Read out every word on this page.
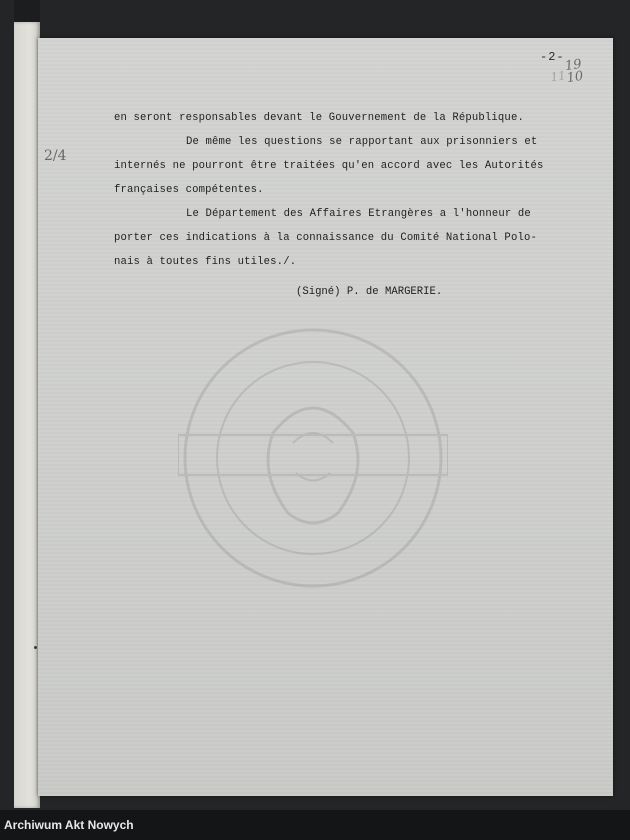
-2-
11
19
10
2/4
en seront responsables devant le Gouvernement de la République.
De même les questions se rapportant aux prisonniers et
internés ne pourront être traitées qu'en accord avec les Autorités
françaises compétentes.
Le Département des Affaires Etrangères a l'honneur de
porter ces indications à la connaissance du Comité National Polo-
nais à toutes fins utiles./.
(Signé) P. de MARGERIE.
Archiwum Akt Nowych
